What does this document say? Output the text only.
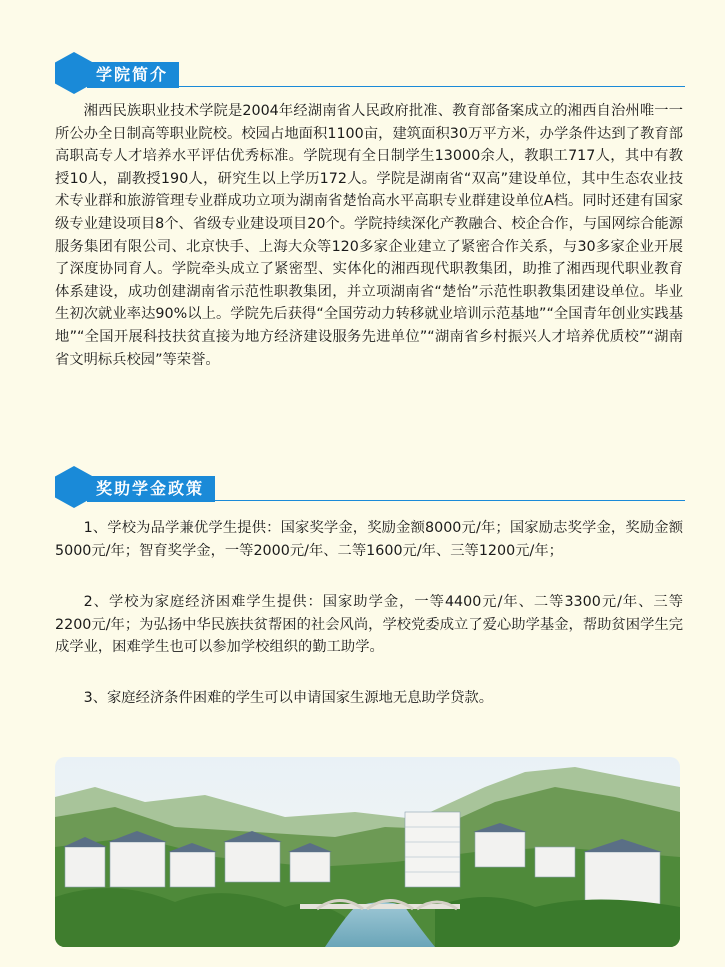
学院简介

湘西民族职业技术学院是2004年经湖南省人民政府批准、教育部备案成立的湘西自治州唯一一所公办全日制高等职业院校。校园占地面积1100亩，建筑面积30万平方米，办学条件达到了教育部高职高专人才培养水平评估优秀标准。学院现有全日制学生13000余人，教职工717人，其中有教授10人，副教授190人，研究生以上学历172人。学院是湖南省“双高”建设单位，其中生态农业技术专业群和旅游管理专业群成功立项为湖南省楚怡高水平高职专业群建设单位A档。同时还建有国家级专业建设项目8个、省级专业建设项目20个。学院持续深化产教融合、校企合作，与国网综合能源服务集团有限公司、北京快手、上海大众等120多家企业建立了紧密合作关系，与30多家企业开展了深度协同育人。学院牵头成立了紧密型、实体化的湘西现代职教集团，助推了湘西现代职业教育体系建设，成功创建湖南省示范性职教集团，并立项湖南省“楚怡”示范性职教集团建设单位。毕业生初次就业率达90%以上。学院先后获得“全国劳动力转移就业培训示范基地”“全国青年创业实践基地”“全国开展科技扶贫直接为地方经济建设服务先进单位”“湖南省乡村振兴人才培养优质校”“湖南省文明标兵校园”等荣誉。

奖助学金政策

1、学校为品学兼优学生提供：国家奖学金，奖励金额8000元/年；国家励志奖学金，奖励金额5000元/年；智育奖学金，一等2000元/年、二等1600元/年、三等1200元/年；

2、学校为家庭经济困难学生提供：国家助学金，一等4400元/年、二等3300元/年、三等2200元/年；为弘扬中华民族扶贫帮困的社会风尚，学校党委成立了爱心助学基金，帮助贫困学生完成学业，困难学生也可以参加学校组织的勤工助学。

3、家庭经济条件困难的学生可以申请国家生源地无息助学贷款。
